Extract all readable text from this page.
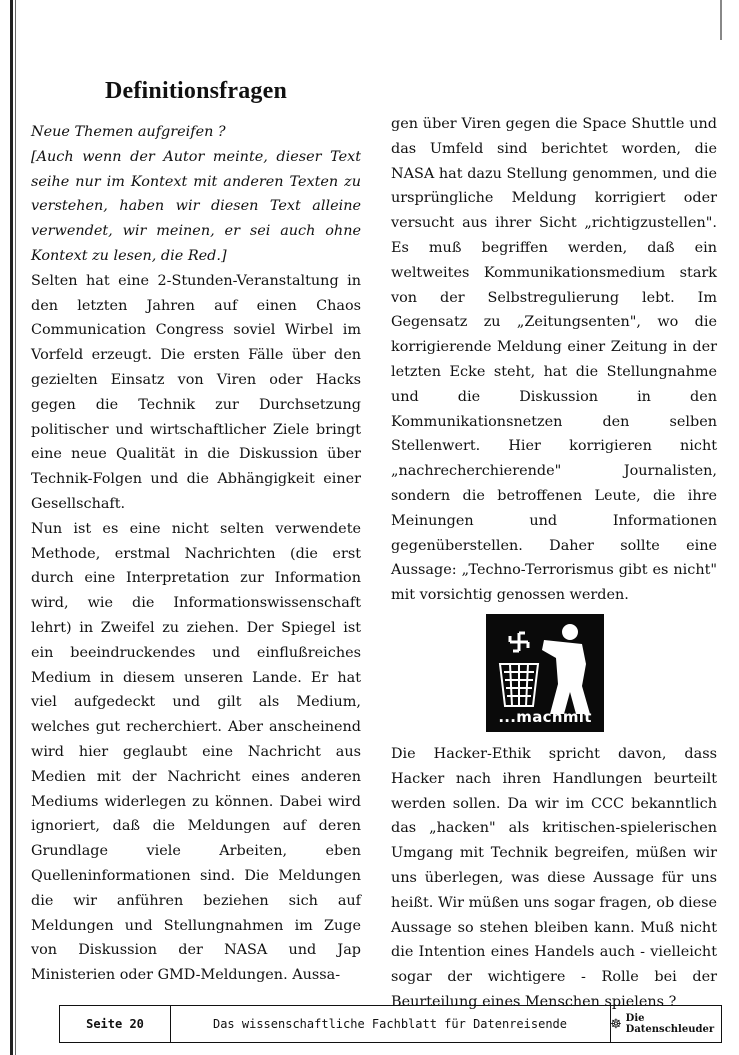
Definitionsfragen

Neue Themen aufgreifen ?

[Auch wenn der Autor meinte, dieser Text seihe nur im Kontext mit anderen Texten zu verstehen, haben wir diesen Text alleine verwendet, wir meinen, er sei auch ohne Kontext zu lesen, die Red.]

Selten hat eine 2-Stunden-Veranstaltung in den letzten Jahren auf einen Chaos Communication Congress soviel Wirbel im Vorfeld erzeugt. Die ersten Fälle über den gezielten Einsatz von Viren oder Hacks gegen die Technik zur Durchsetzung politischer und wirtschaftlicher Ziele bringt eine neue Qualität in die Diskussion über Technik-Folgen und die Abhängigkeit einer Gesellschaft.

Nun ist es eine nicht selten verwendete Methode, erstmal Nachrichten (die erst durch eine Interpretation zur Information wird, wie die Informationswissenschaft lehrt) in Zweifel zu ziehen. Der Spiegel ist ein beeindruckendes und einflußreiches Medium in diesem unseren Lande. Er hat viel aufgedeckt und gilt als Medium, welches gut recherchiert. Aber anscheinend wird hier geglaubt eine Nachricht aus Medien mit der Nachricht eines anderen Mediums widerlegen zu können. Dabei wird ignoriert, daß die Meldungen auf deren Grundlage viele Arbeiten, eben Quelleninformationen sind. Die Meldungen die wir anführen beziehen sich auf Meldungen und Stellungnahmen im Zuge von Diskussion der NASA und Jap Ministerien oder GMD-Meldungen. Aussa-

gen über Viren gegen die Space Shuttle und das Umfeld sind berichtet worden, die NASA hat dazu Stellung genommen, und die ursprüngliche Meldung korrigiert oder versucht aus ihrer Sicht „richtigzustellen". Es muß begriffen werden, daß ein weltweites Kommunikationsmedium stark von der Selbstregulierung lebt. Im Gegensatz zu „Zeitungsenten", wo die korrigierende Meldung einer Zeitung in der letzten Ecke steht, hat die Stellungnahme und die Diskussion in den Kommunikationsnetzen den selben Stellenwert. Hier korrigieren nicht „nachrecherchierende" Journalisten, sondern die betroffenen Leute, die ihre Meinungen und Informationen gegenüberstellen. Daher sollte eine Aussage: „Techno-Terrorismus gibt es nicht" mit vorsichtig genossen werden.

...machmit

Die Hacker-Ethik spricht davon, dass Hacker nach ihren Handlungen beurteilt werden sollen. Da wir im CCC bekanntlich das „hacken" als kritischen-spielerischen Umgang mit Technik begreifen, müßen wir uns überlegen, was diese Aussage für uns heißt. Wir müßen uns sogar fragen, ob diese Aussage so stehen bleiben kann. Muß nicht die Intention eines Handels auch - vielleicht sogar der wichtigere - Rolle bei der Beurteilung eines Menschen spielens ?

Seite 20	Das wissenschaftliche Fachblatt für Datenreisende	☸ Die Datenschleuder
